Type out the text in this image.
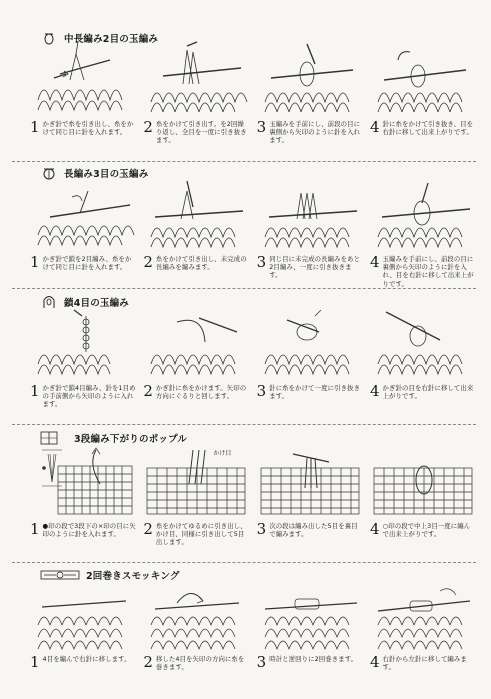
中長編み2目の玉編み
1 かぎ針で糸を引き出し、糸をかけて同じ目に針を入れます。	2 糸をかけて引き出す。を2回繰り返し、全目を一度に引き抜きます。
3 玉編みを手前にし、前段の目に裏側から矢印のように針を入れます。
4 針に糸をかけて引き抜き、目を右針に移して出来上がりです。
長編み3目の玉編み
1 かぎ針で鎖を2目編み、糸をかけて同じ目に針を入れます。	2 糸をかけて引き出し、未完成の長編みを編みます。	3 同じ目に未完成の長編みをあと2目編み、一度に引き抜きます。
4 玉編みを手前にし、前段の目に裏側から矢印のように針を入れ、目を右針に移して出来上がりです。
鎖4目の玉編み
1 かぎ針で鎖4目編み、針を1目めの手前側から矢印のように入れます。
2 かぎ針に糸をかけます。矢印の方向にぐるりと回します。	3 針に糸をかけて一度に引き抜きます。	4 かぎ針の目を右針に移して出来上がりです。
3段編み下がりのポップル
1 ●印の段で3段下の×印の目に矢印のように針を入れます。
かけ目
2 糸をかけてゆるめに引き出し、かけ目、同様に引き出して5目出します。
3 次の段は編み出した5目を裏目で編みます。	4 ○印の段で中上3目一度に編んで出来上がりです。
2回巻きスモッキング
1 4目を編んで右針に移します。 2 移した4目を矢印の方向に糸を巻きます。	3 時計と逆回りに2回巻きます。 4 右針から左針に移して編みます。
